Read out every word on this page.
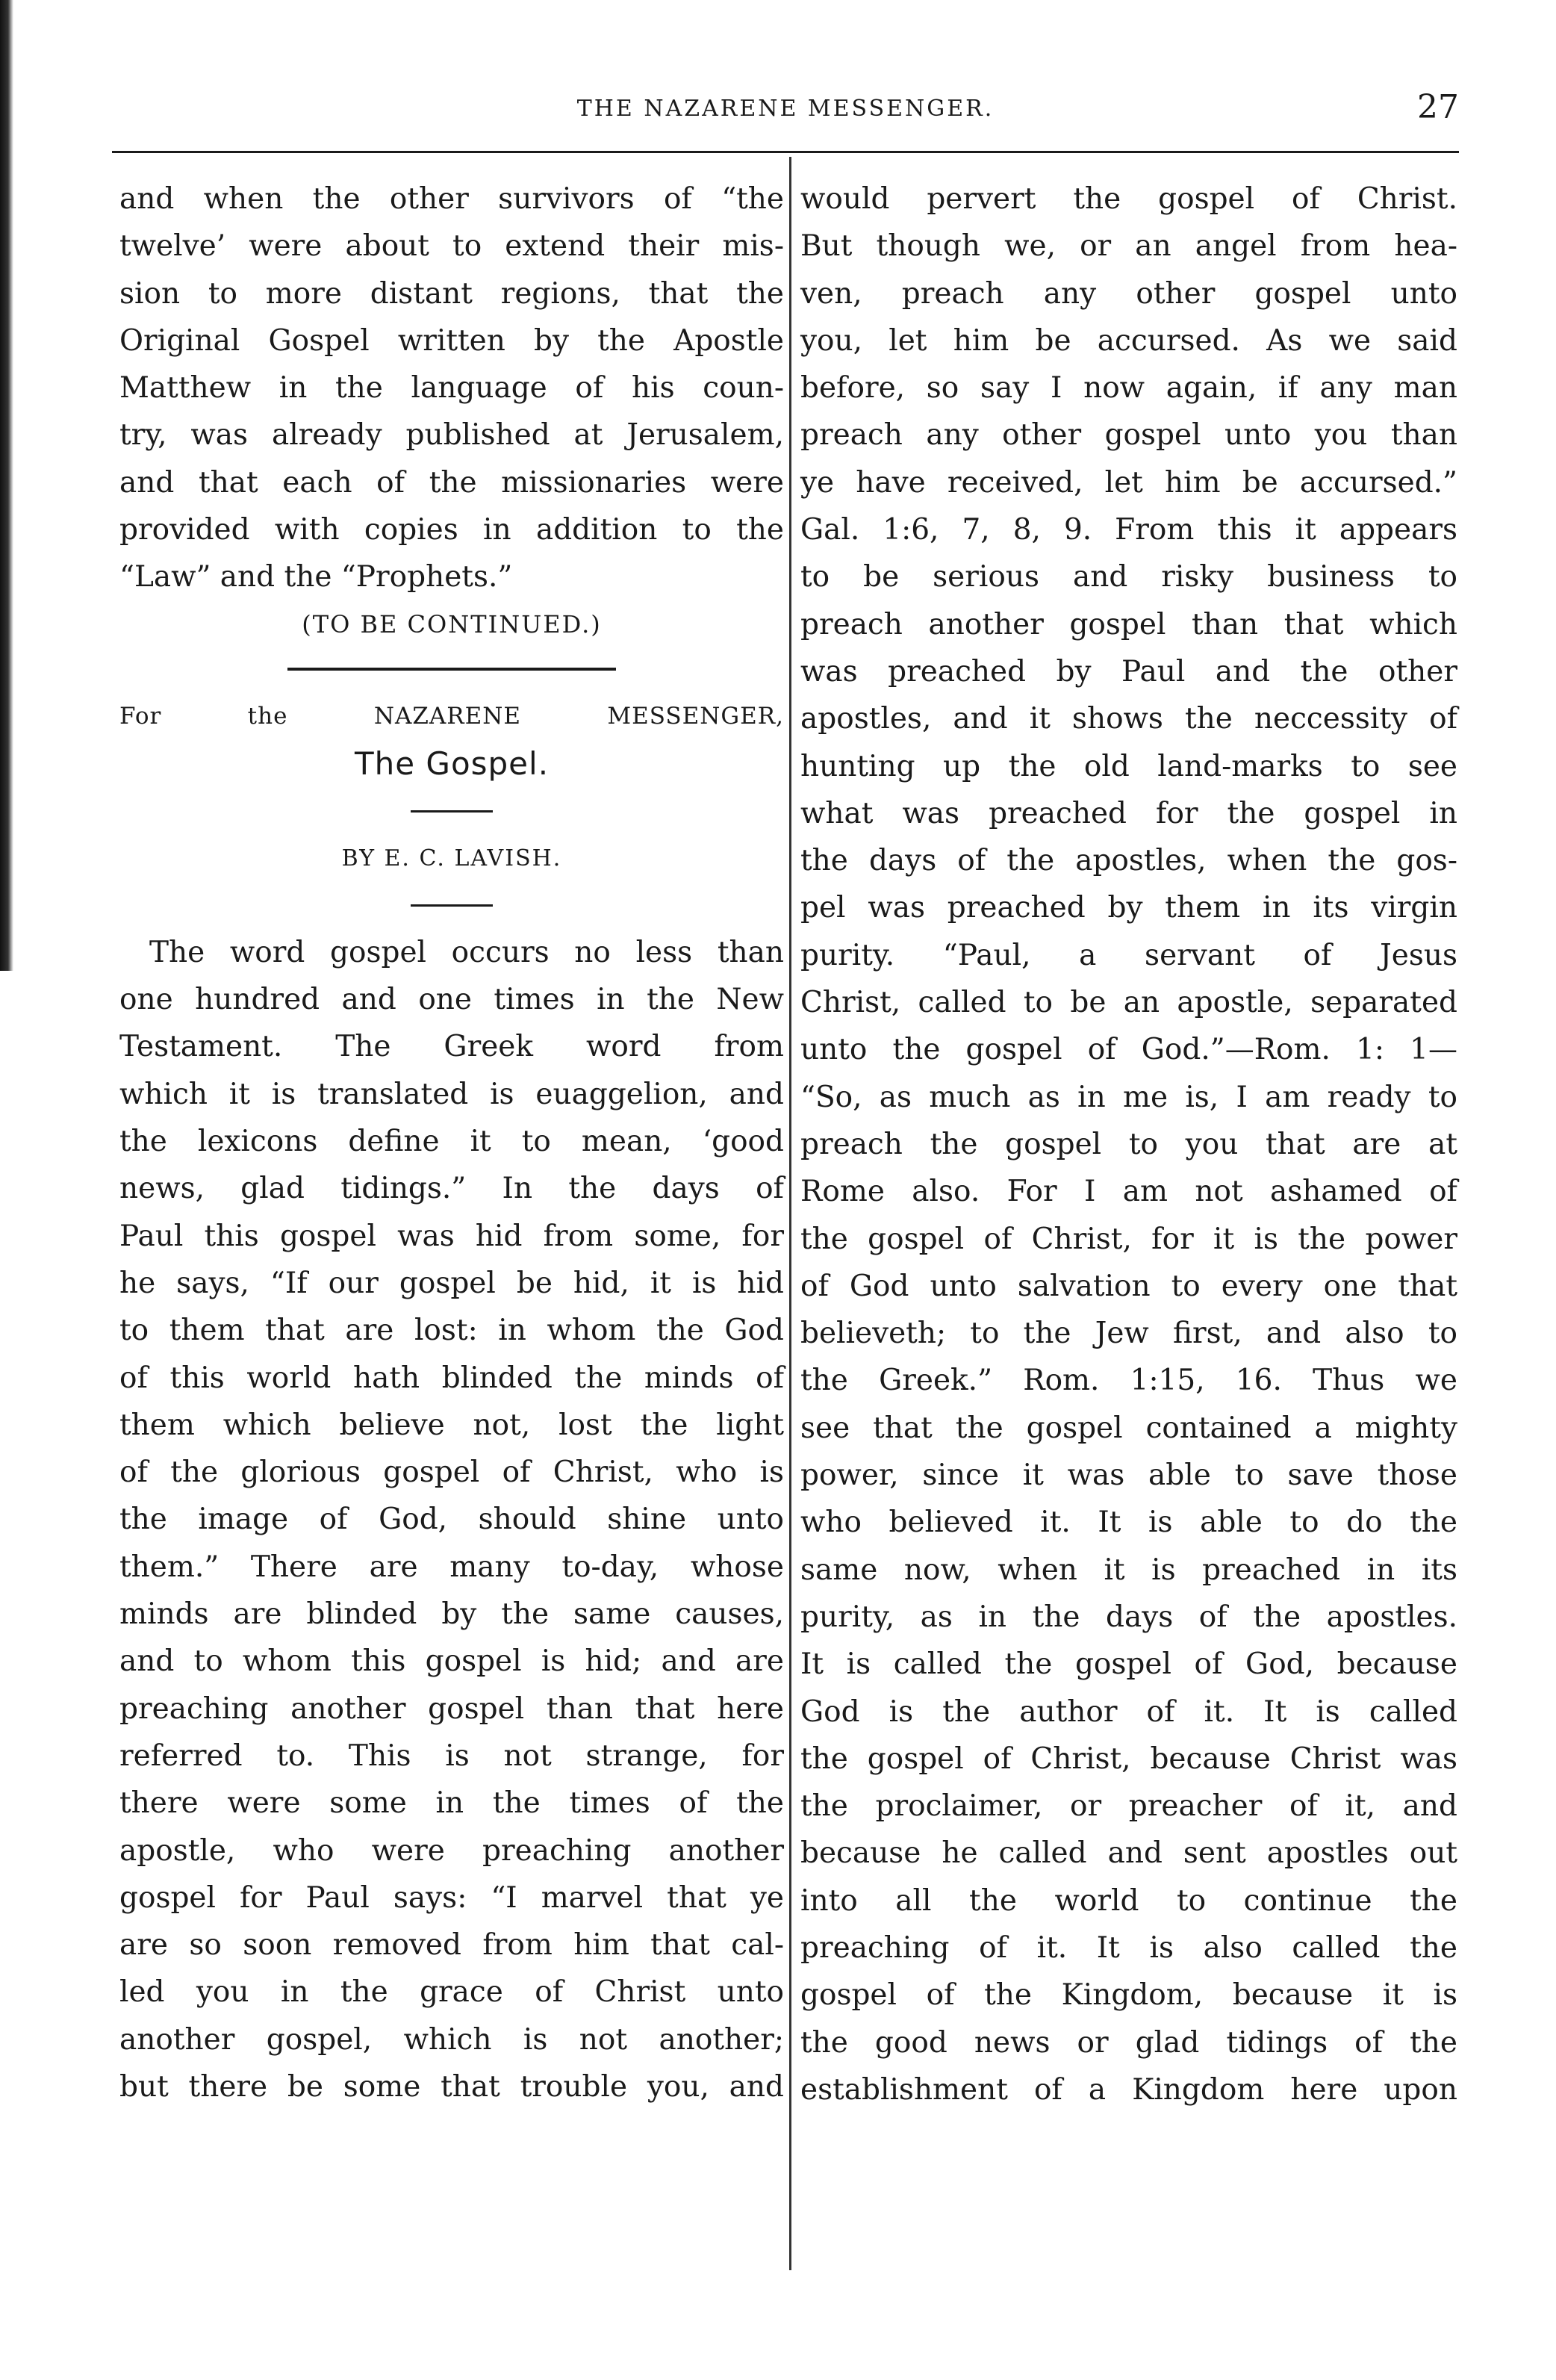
THE NAZARENE MESSENGER.	27

and when the other survivors of “the

twelve’ were about to extend their mis-

sion to more distant regions, that the

Original Gospel written by the Apostle

Matthew in the language of his coun-

try, was already published at Jerusalem,

and that each of the missionaries were

provided with copies in addition to the

“Law” and the “Prophets.”

(TO BE CONTINUED.)

For the NAZARENE MESSENGER,

The Gospel.

BY E. C. LAVISH.

The word gospel occurs no less than

one hundred and one times in the New

Testament. The Greek word from

which it is translated is euaggelion, and

the lexicons define it to mean, ‘good

news, glad tidings.” In the days of

Paul this gospel was hid from some, for

he says, “If our gospel be hid, it is hid

to them that are lost: in whom the God

of this world hath blinded the minds of

them which believe not, lost the light

of the glorious gospel of Christ, who is

the image of God, should shine unto

them.” There are many to-day, whose

minds are blinded by the same causes,

and to whom this gospel is hid; and are

preaching another gospel than that here

referred to. This is not strange, for

there were some in the times of the

apostle, who were preaching another

gospel for Paul says: “I marvel that ye

are so soon removed from him that cal-

led you in the grace of Christ unto

another gospel, which is not another;

but there be some that trouble you, and

would pervert the gospel of Christ.

But though we, or an angel from hea-

ven, preach any other gospel unto

you, let him be accursed. As we said

before, so say I now again, if any man

preach any other gospel unto you than

ye have received, let him be accursed.”

Gal. 1:6, 7, 8, 9. From this it appears

to be serious and risky business to

preach another gospel than that which

was preached by Paul and the other

apostles, and it shows the neccessity of

hunting up the old land-marks to see

what was preached for the gospel in

the days of the apostles, when the gos-

pel was preached by them in its virgin

purity. “Paul, a servant of Jesus

Christ, called to be an apostle, separated

unto the gospel of God.”—Rom. 1: 1—

“So, as much as in me is, I am ready to

preach the gospel to you that are at

Rome also. For I am not ashamed of

the gospel of Christ, for it is the power

of God unto salvation to every one that

believeth; to the Jew first, and also to

the Greek.” Rom. 1:15, 16. Thus we

see that the gospel contained a mighty

power, since it was able to save those

who believed it. It is able to do the

same now, when it is preached in its

purity, as in the days of the apostles.

It is called the gospel of God, because

God is the author of it. It is called

the gospel of Christ, because Christ was

the proclaimer, or preacher of it, and

because he called and sent apostles out

into all the world to continue the

preaching of it. It is also called the

gospel of the Kingdom, because it is

the good news or glad tidings of the

establishment of a Kingdom here upon
